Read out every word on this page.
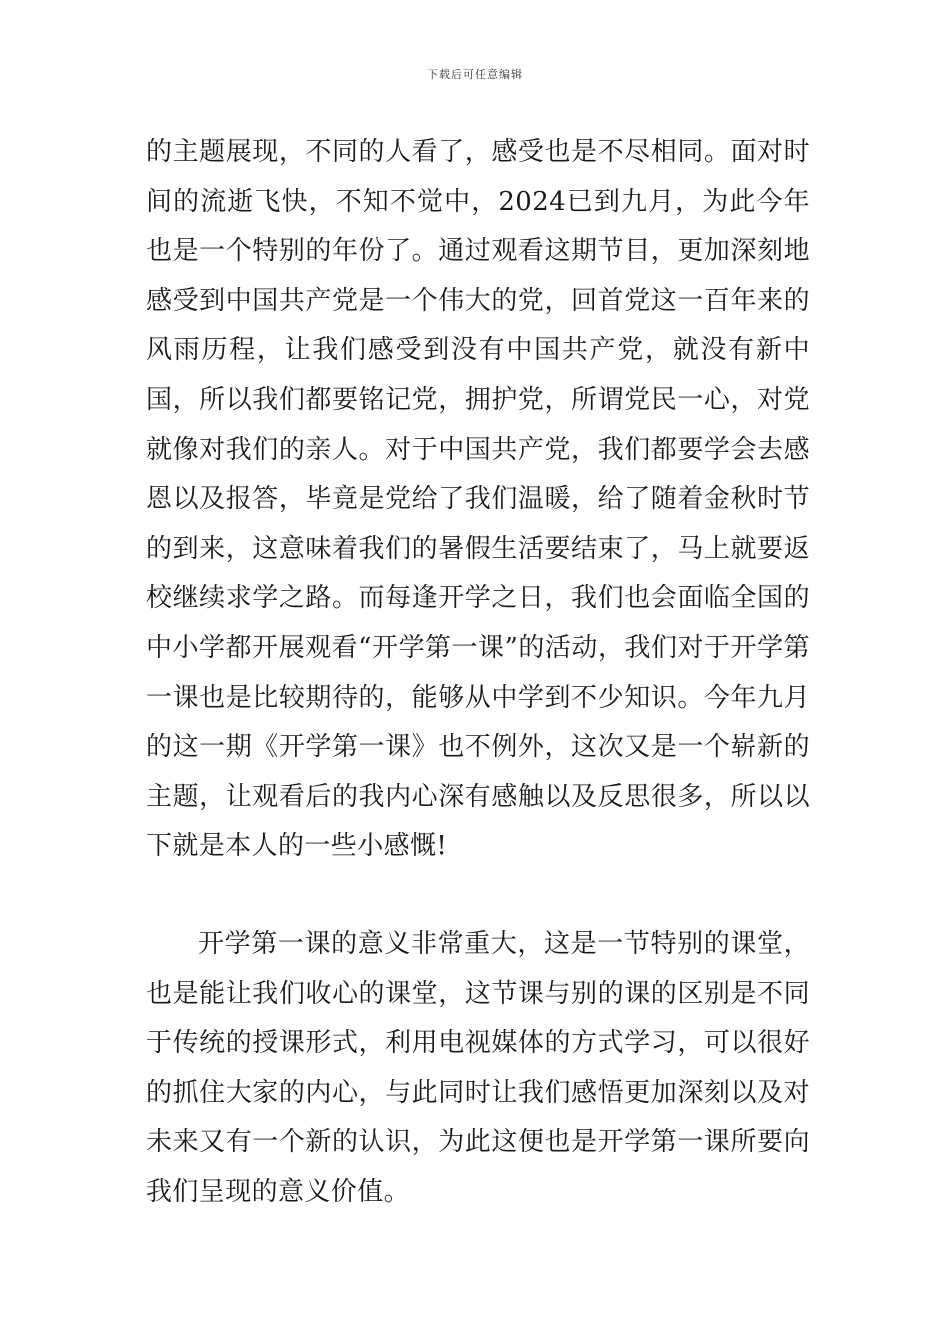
下载后可任意编辑

的主题展现，不同的人看了，感受也是不尽相同。面对时间的流逝飞快，不知不觉中，2024已到九月，为此今年也是一个特别的年份了。通过观看这期节目，更加深刻地感受到中国共产党是一个伟大的党，回首党这一百年来的风雨历程，让我们感受到没有中国共产党，就没有新中国，所以我们都要铭记党，拥护党，所谓党民一心，对党就像对我们的亲人。对于中国共产党，我们都要学会去感恩以及报答，毕竟是党给了我们温暖，给了随着金秋时节的到来，这意味着我们的暑假生活要结束了，马上就要返校继续求学之路。而每逢开学之日，我们也会面临全国的中小学都开展观看“开学第一课”的活动，我们对于开学第一课也是比较期待的，能够从中学到不少知识。今年九月的这一期《开学第一课》也不例外，这次又是一个崭新的主题，让观看后的我内心深有感触以及反思很多，所以以下就是本人的一些小感慨!

开学第一课的意义非常重大，这是一节特别的课堂，也是能让我们收心的课堂，这节课与别的课的区别是不同于传统的授课形式，利用电视媒体的方式学习，可以很好的抓住大家的内心，与此同时让我们感悟更加深刻以及对未来又有一个新的认识，为此这便也是开学第一课所要向我们呈现的意义价值。
